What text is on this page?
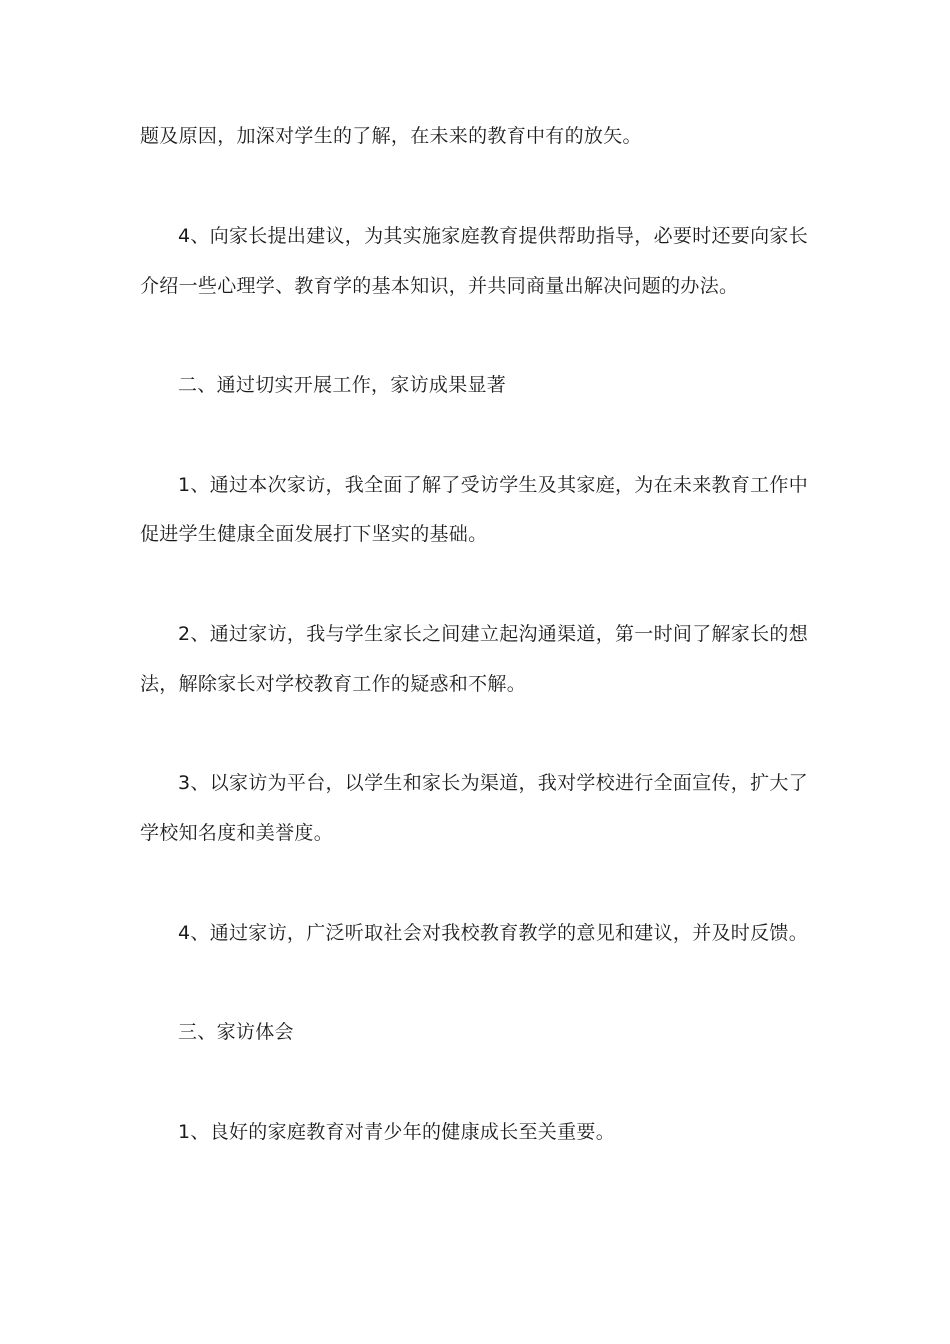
题及原因，加深对学生的了解，在未来的教育中有的放矢。
4、向家长提出建议，为其实施家庭教育提供帮助指导，必要时还要向家长
介绍一些心理学、教育学的基本知识，并共同商量出解决问题的办法。
二、通过切实开展工作，家访成果显著
1、通过本次家访，我全面了解了受访学生及其家庭，为在未来教育工作中
促进学生健康全面发展打下坚实的基础。
2、通过家访，我与学生家长之间建立起沟通渠道，第一时间了解家长的想
法，解除家长对学校教育工作的疑惑和不解。
3、以家访为平台，以学生和家长为渠道，我对学校进行全面宣传，扩大了
学校知名度和美誉度。
4、通过家访，广泛听取社会对我校教育教学的意见和建议，并及时反馈。
三、家访体会
1、良好的家庭教育对青少年的健康成长至关重要。
